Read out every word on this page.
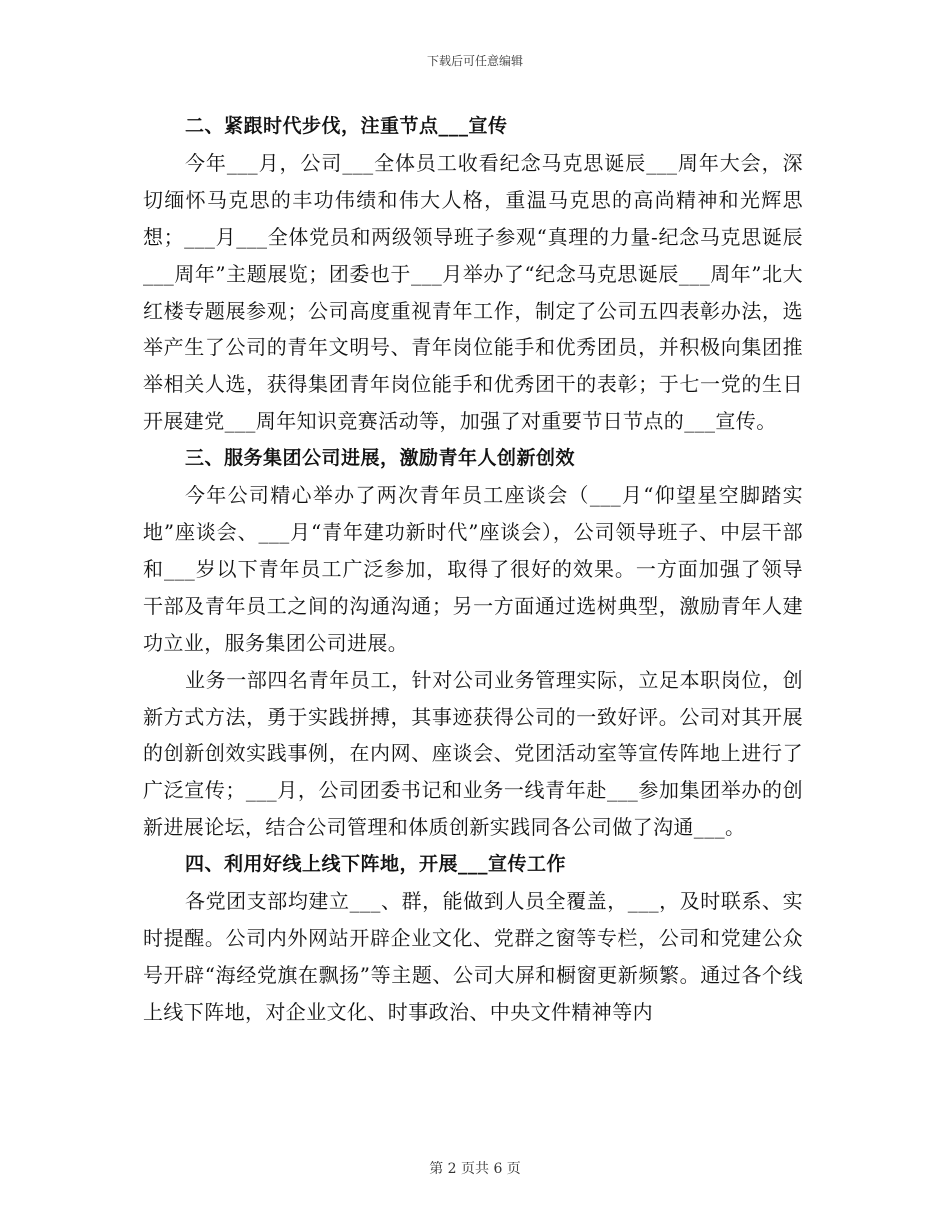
下载后可任意编辑
二、紧跟时代步伐，注重节点___宣传

今年___月，公司___全体员工收看纪念马克思诞辰___周年大会，深切缅怀马克思的丰功伟绩和伟大人格，重温马克思的高尚精神和光辉思想；___月___全体党员和两级领导班子参观“真理的力量-纪念马克思诞辰___周年”主题展览；团委也于___月举办了“纪念马克思诞辰___周年”北大红楼专题展参观；公司高度重视青年工作，制定了公司五四表彰办法，选举产生了公司的青年文明号、青年岗位能手和优秀团员，并积极向集团推举相关人选，获得集团青年岗位能手和优秀团干的表彰；于七一党的生日开展建党___周年知识竞赛活动等，加强了对重要节日节点的___宣传。

三、服务集团公司进展，激励青年人创新创效

今年公司精心举办了两次青年员工座谈会（___月“仰望星空脚踏实地”座谈会、___月“青年建功新时代”座谈会），公司领导班子、中层干部和___岁以下青年员工广泛参加，取得了很好的效果。一方面加强了领导干部及青年员工之间的沟通沟通；另一方面通过选树典型，激励青年人建功立业，服务集团公司进展。

业务一部四名青年员工，针对公司业务管理实际，立足本职岗位，创新方式方法，勇于实践拼搏，其事迹获得公司的一致好评。公司对其开展的创新创效实践事例，在内网、座谈会、党团活动室等宣传阵地上进行了广泛宣传；___月，公司团委书记和业务一线青年赴___参加集团举办的创新进展论坛，结合公司管理和体质创新实践同各公司做了沟通___。

四、利用好线上线下阵地，开展___宣传工作

各党团支部均建立___、群，能做到人员全覆盖，___，及时联系、实时提醒。公司内外网站开辟企业文化、党群之窗等专栏，公司和党建公众号开辟“海经党旗在飘扬”等主题、公司大屏和橱窗更新频繁。通过各个线上线下阵地，对企业文化、时事政治、中央文件精神等内

第 2 页共 6 页
